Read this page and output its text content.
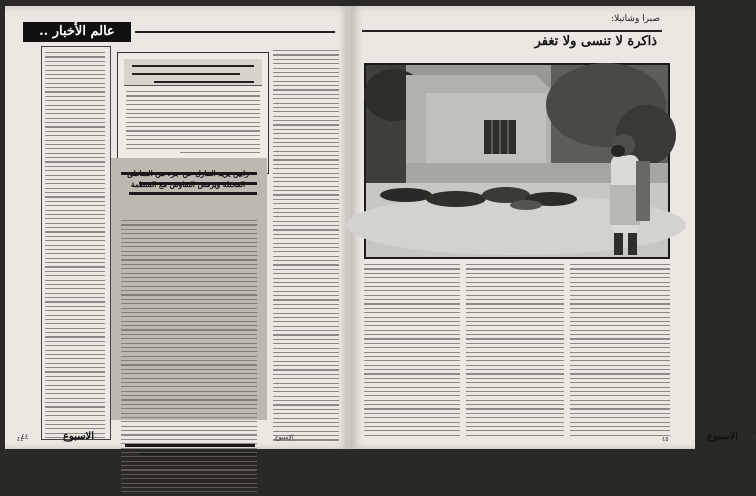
عالم الأخبار ..
٤٤	الاسبوع
صبرا وشاتيلا:
ذاكرة لا تنسى ولا تغفر
٤٥
الاسبوع
الإسبوع
رابين يريد التنازل عن جزء من المناطق المحتلة ويرفض التفاوض مع المنظمة
٤٥
٤٤
